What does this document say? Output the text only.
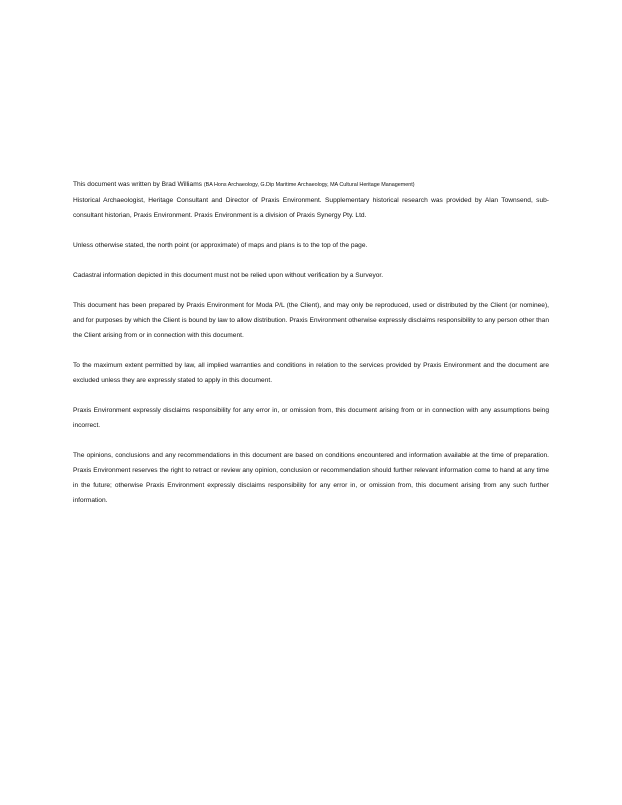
This document was written by Brad Williams (BA Hons Archaeology, G.Dip Maritime Archaeology, MA Cultural Heritage Management)
Historical Archaeologist, Heritage Consultant and Director of Praxis Environment. Supplementary historical research was provided by Alan Townsend, sub-consultant historian, Praxis Environment. Praxis Environment is a division of Praxis Synergy Pty. Ltd.

Unless otherwise stated, the north point (or approximate) of maps and plans is to the top of the page.

Cadastral information depicted in this document must not be relied upon without verification by a Surveyor.

This document has been prepared by Praxis Environment for Moda P/L (the Client), and may only be reproduced, used or distributed by the Client (or nominee), and for purposes by which the Client is bound by law to allow distribution. Praxis Environment otherwise expressly disclaims responsibility to any person other than the Client arising from or in connection with this document.

To the maximum extent permitted by law, all implied warranties and conditions in relation to the services provided by Praxis Environment and the document are excluded unless they are expressly stated to apply in this document.

Praxis Environment expressly disclaims responsibility for any error in, or omission from, this document arising from or in connection with any assumptions being incorrect.

The opinions, conclusions and any recommendations in this document are based on conditions encountered and information available at the time of preparation. Praxis Environment reserves the right to retract or review any opinion, conclusion or recommendation should further relevant information come to hand at any time in the future; otherwise Praxis Environment expressly disclaims responsibility for any error in, or omission from, this document arising from any such further information.
